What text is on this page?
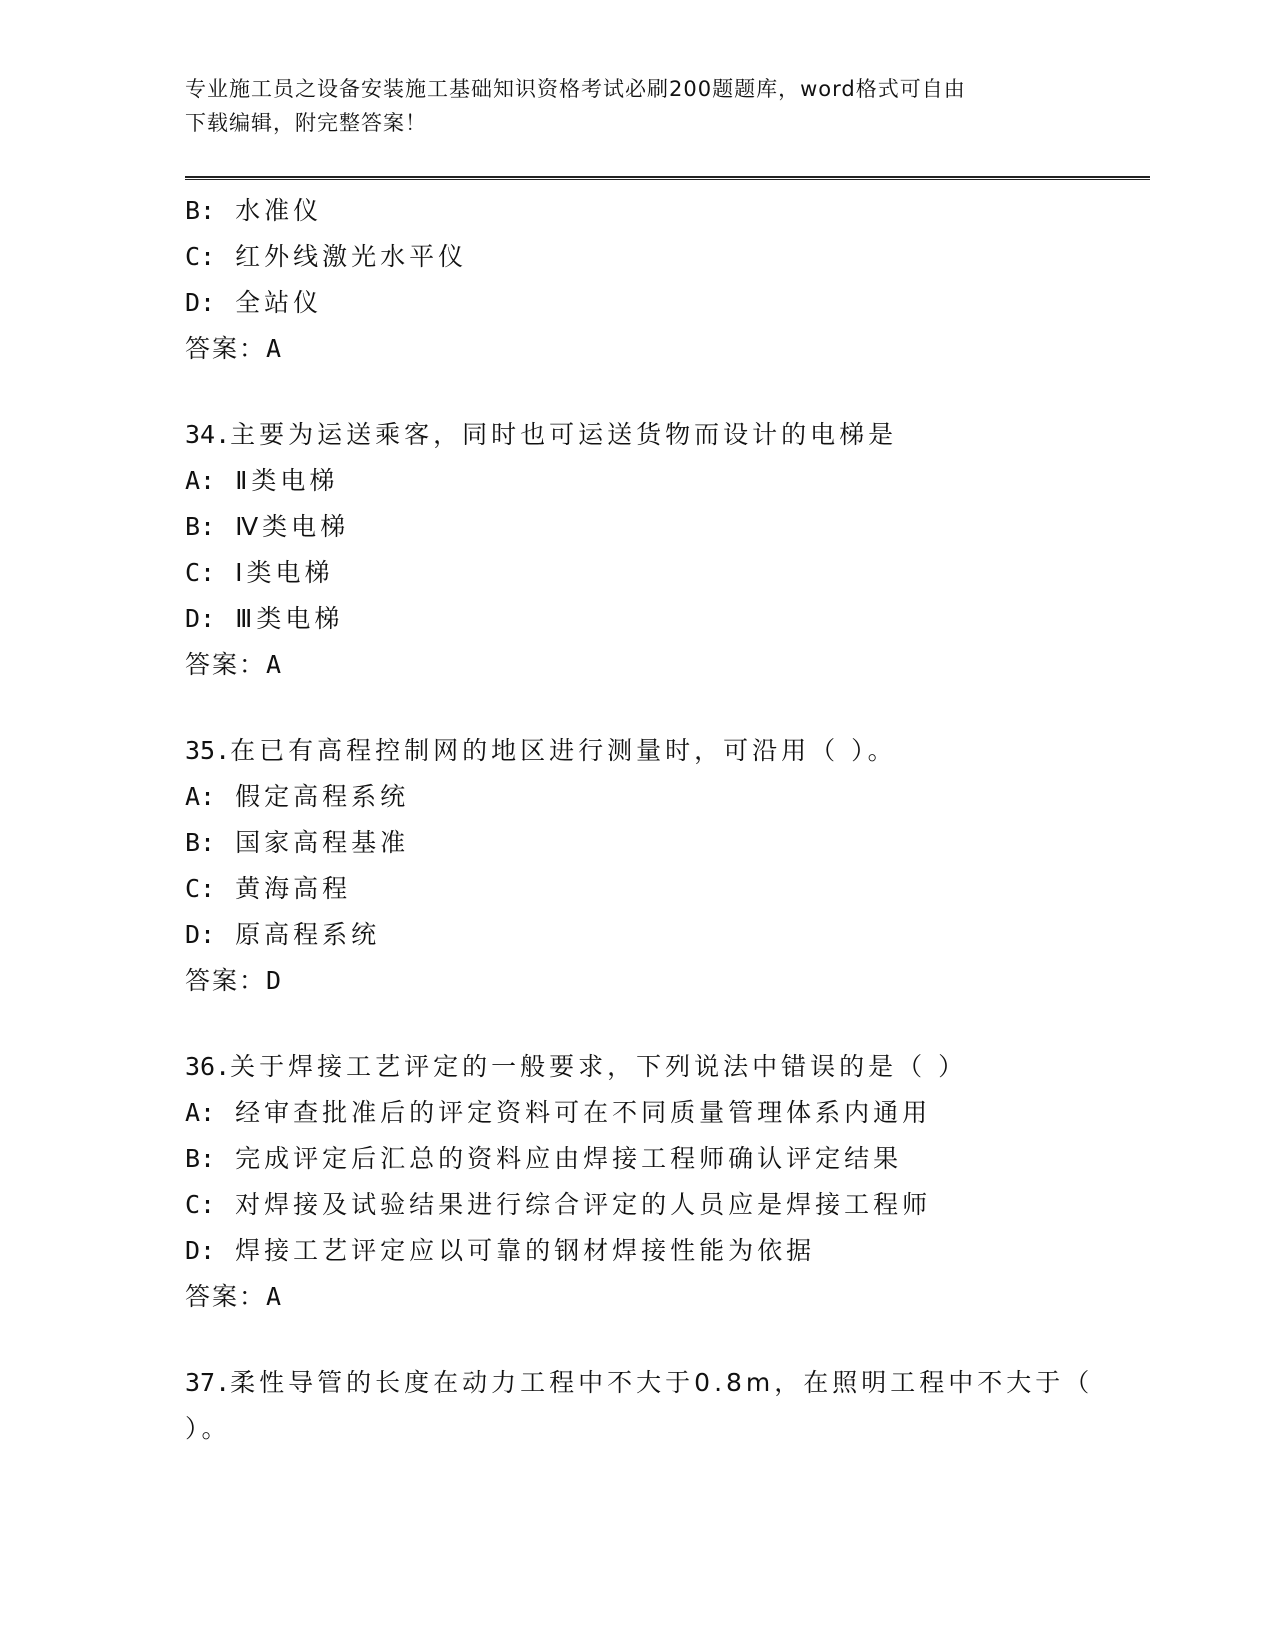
专业施工员之设备安装施工基础知识资格考试必刷200题题库，word格式可自由
下载编辑，附完整答案！
B: 水准仪
C: 红外线激光水平仪
D: 全站仪
答案：A
34.主要为运送乘客，同时也可运送货物而设计的电梯是
A: Ⅱ类电梯
B: Ⅳ类电梯
C: Ⅰ类电梯
D: Ⅲ类电梯
答案：A
35.在已有高程控制网的地区进行测量时，可沿用（ ）。
A: 假定高程系统
B: 国家高程基准
C: 黄海高程
D: 原高程系统
答案：D
36.关于焊接工艺评定的一般要求，下列说法中错误的是（ ）
A: 经审查批准后的评定资料可在不同质量管理体系内通用
B: 完成评定后汇总的资料应由焊接工程师确认评定结果
C: 对焊接及试验结果进行综合评定的人员应是焊接工程师
D: 焊接工艺评定应以可靠的钢材焊接性能为依据
答案：A
37.柔性导管的长度在动力工程中不大于0.8m，在照明工程中不大于（
）。
